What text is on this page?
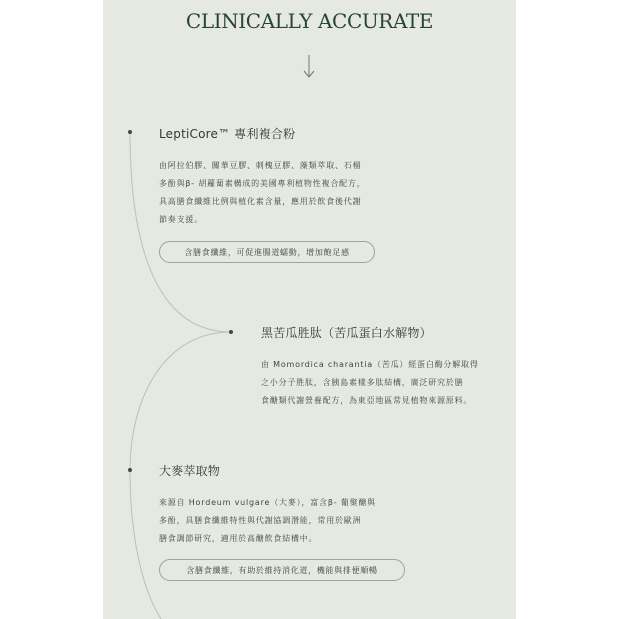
CLINICALLY ACCURATE
LeptiCore™ 專利複合粉
由阿拉伯膠、關華豆膠、刺槐豆膠、藻類萃取、石榴
多酚與β- 胡蘿蔔素構成的美國專利植物性複合配方，
具高膳食纖維比例與植化素含量，應用於飲食後代謝
節奏支援。
含膳食纖維，可促進腸道蠕動，增加飽足感
黑苦瓜胜肽（苦瓜蛋白水解物）
由 Momordica charantia（苦瓜）經蛋白酶分解取得
之小分子胜肽，含胰島素樣多肽結構，廣泛研究於膳
食醣類代謝營養配方，為東亞地區常見植物來源原料。
大麥萃取物
來源自 Hordeum vulgare（大麥），富含β- 葡聚醣與
多酚，具膳食纖維特性與代謝協調潛能，常用於歐洲
膳食調節研究，適用於高醣飲食結構中。
含膳食纖維，有助於維持消化道，機能與排便順暢
